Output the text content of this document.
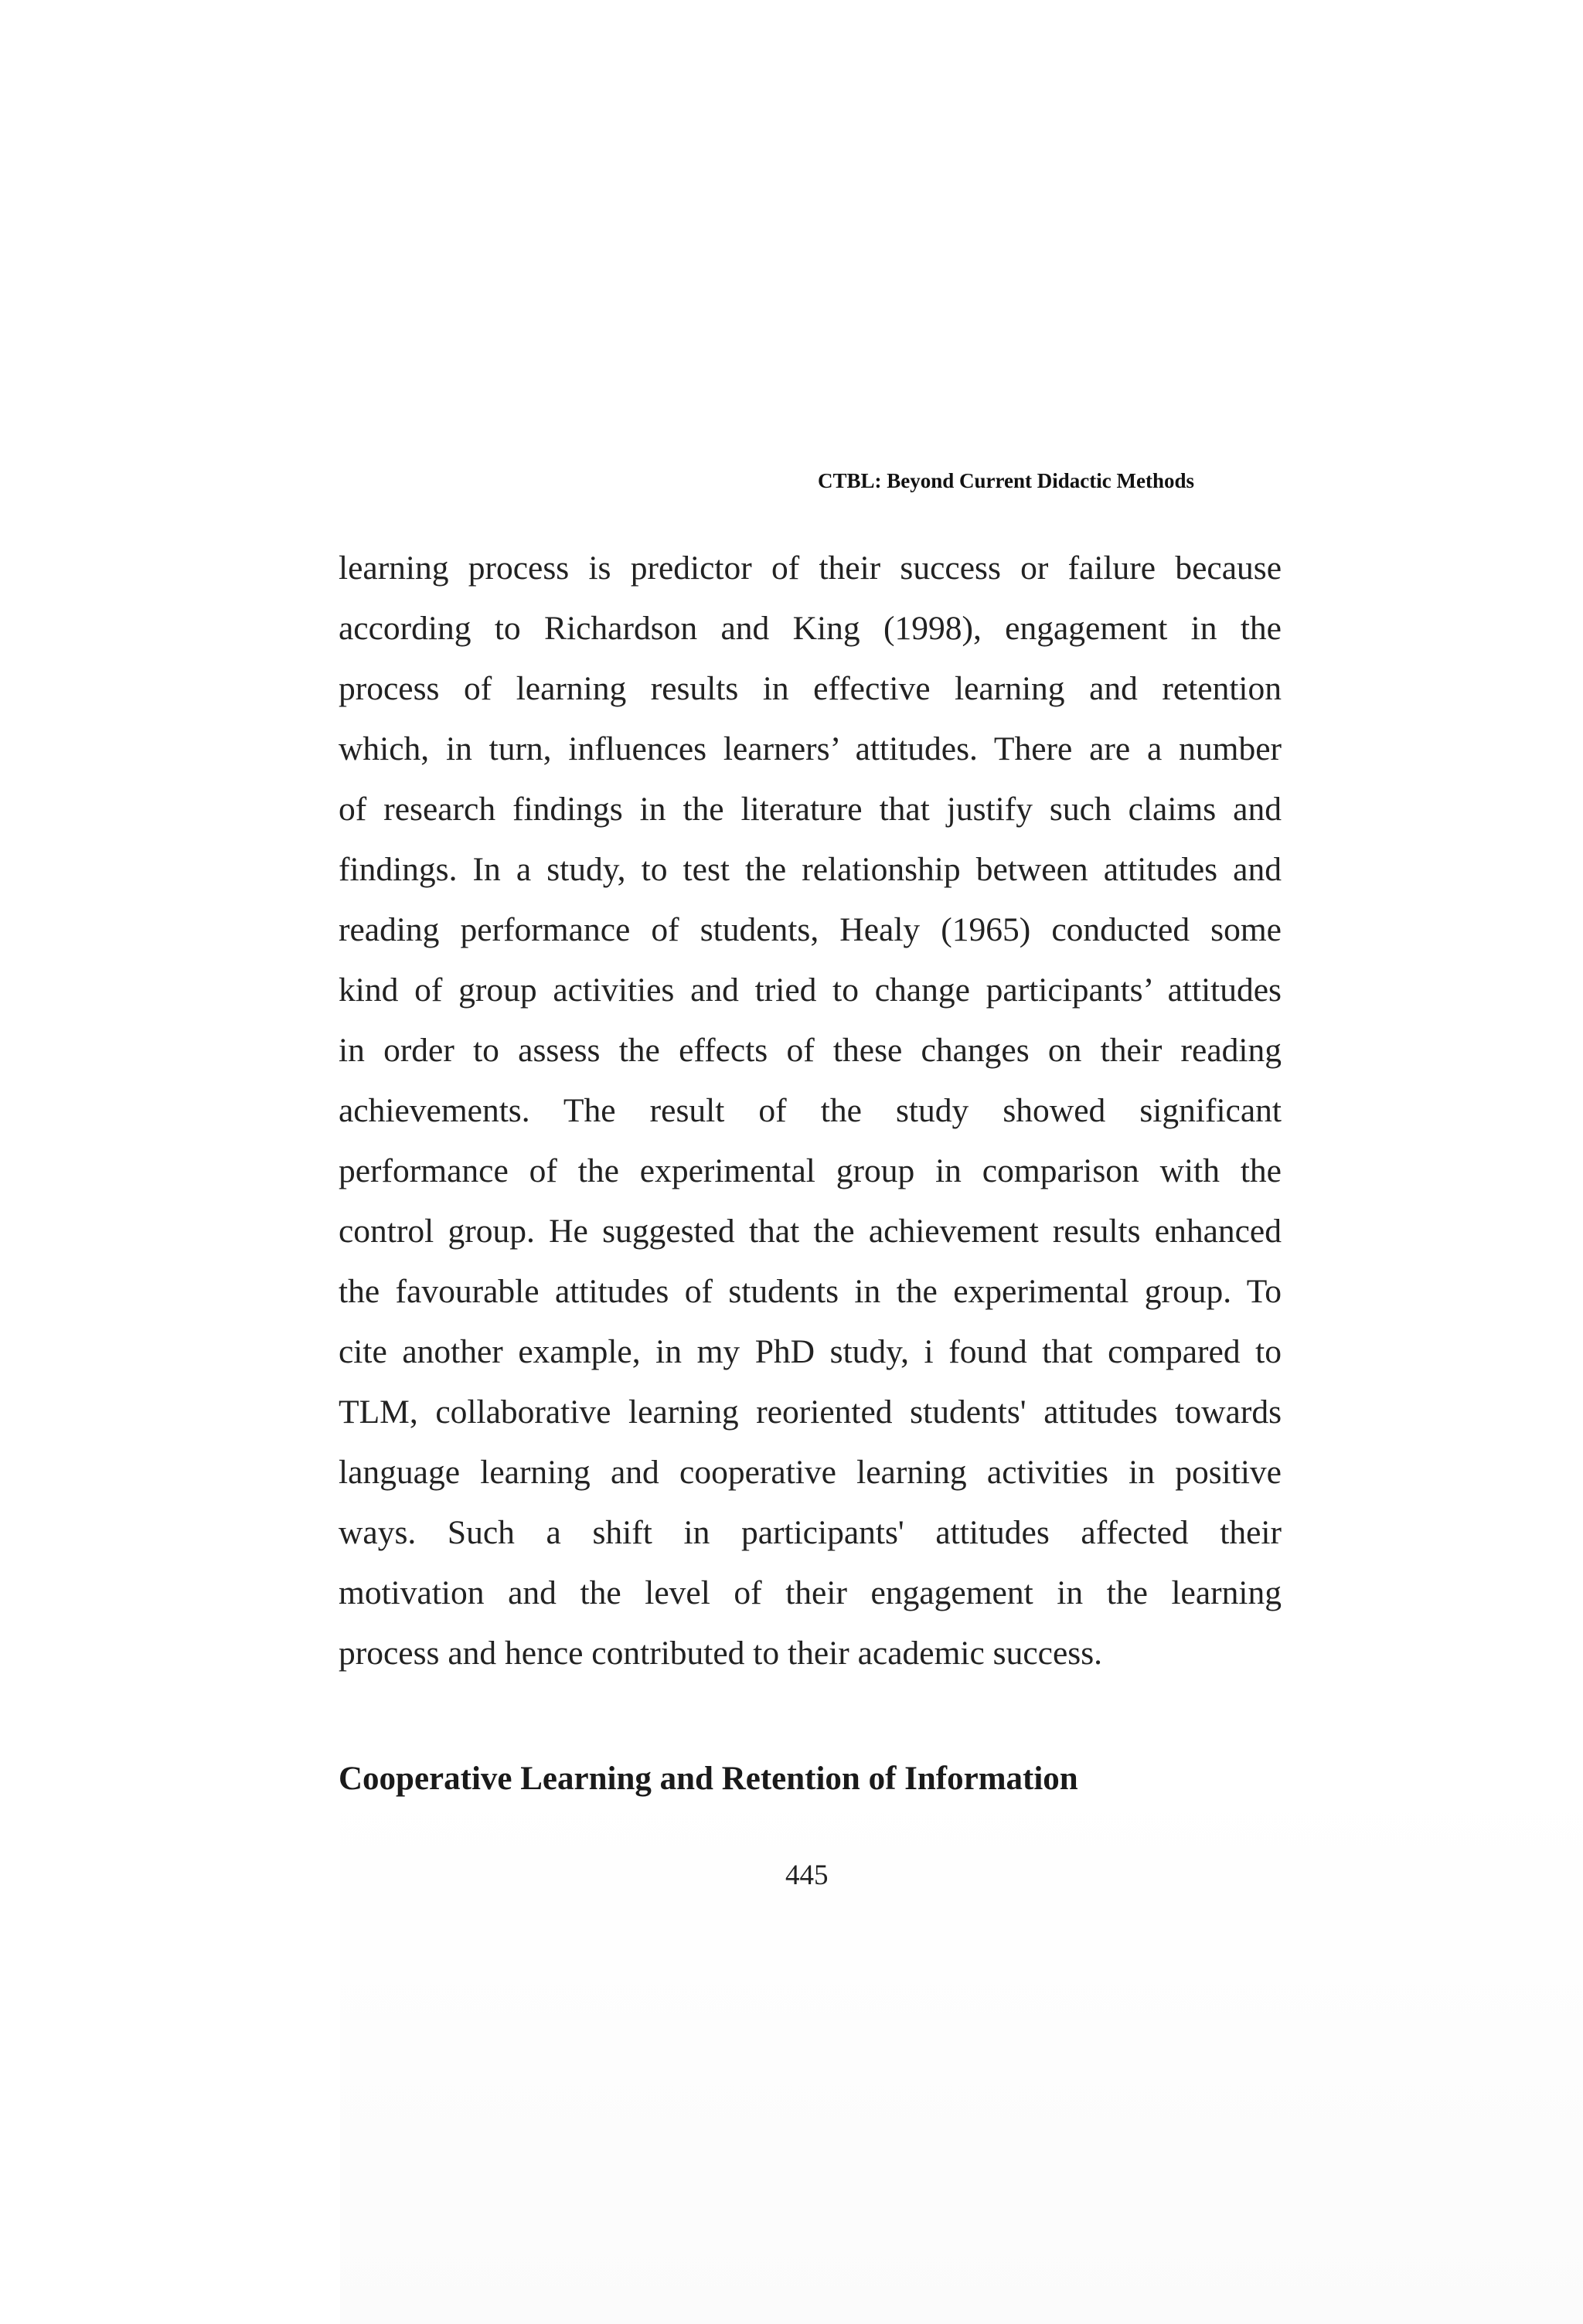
CTBL: Beyond Current Didactic Methods
learning process is predictor of their success or failure because
according to Richardson and King (1998), engagement in the
process of learning results in effective learning and retention
which, in turn, influences learners’ attitudes. There are a number
of research findings in the literature that justify such claims and
findings. In a study, to test the relationship between attitudes and
reading performance of students, Healy (1965) conducted some
kind of group activities and tried to change participants’ attitudes
in order to assess the effects of these changes on their reading
achievements. The result of the study showed significant
performance of the experimental group in comparison with the
control group. He suggested that the achievement results enhanced
the favourable attitudes of students in the experimental group. To
cite another example, in my PhD study, i found that compared to
TLM, collaborative learning reoriented students' attitudes towards
language learning and cooperative learning activities in positive
ways. Such a shift in participants' attitudes affected their
motivation and the level of their engagement in the learning
process and hence contributed to their academic success.
Cooperative Learning and Retention of Information
445
